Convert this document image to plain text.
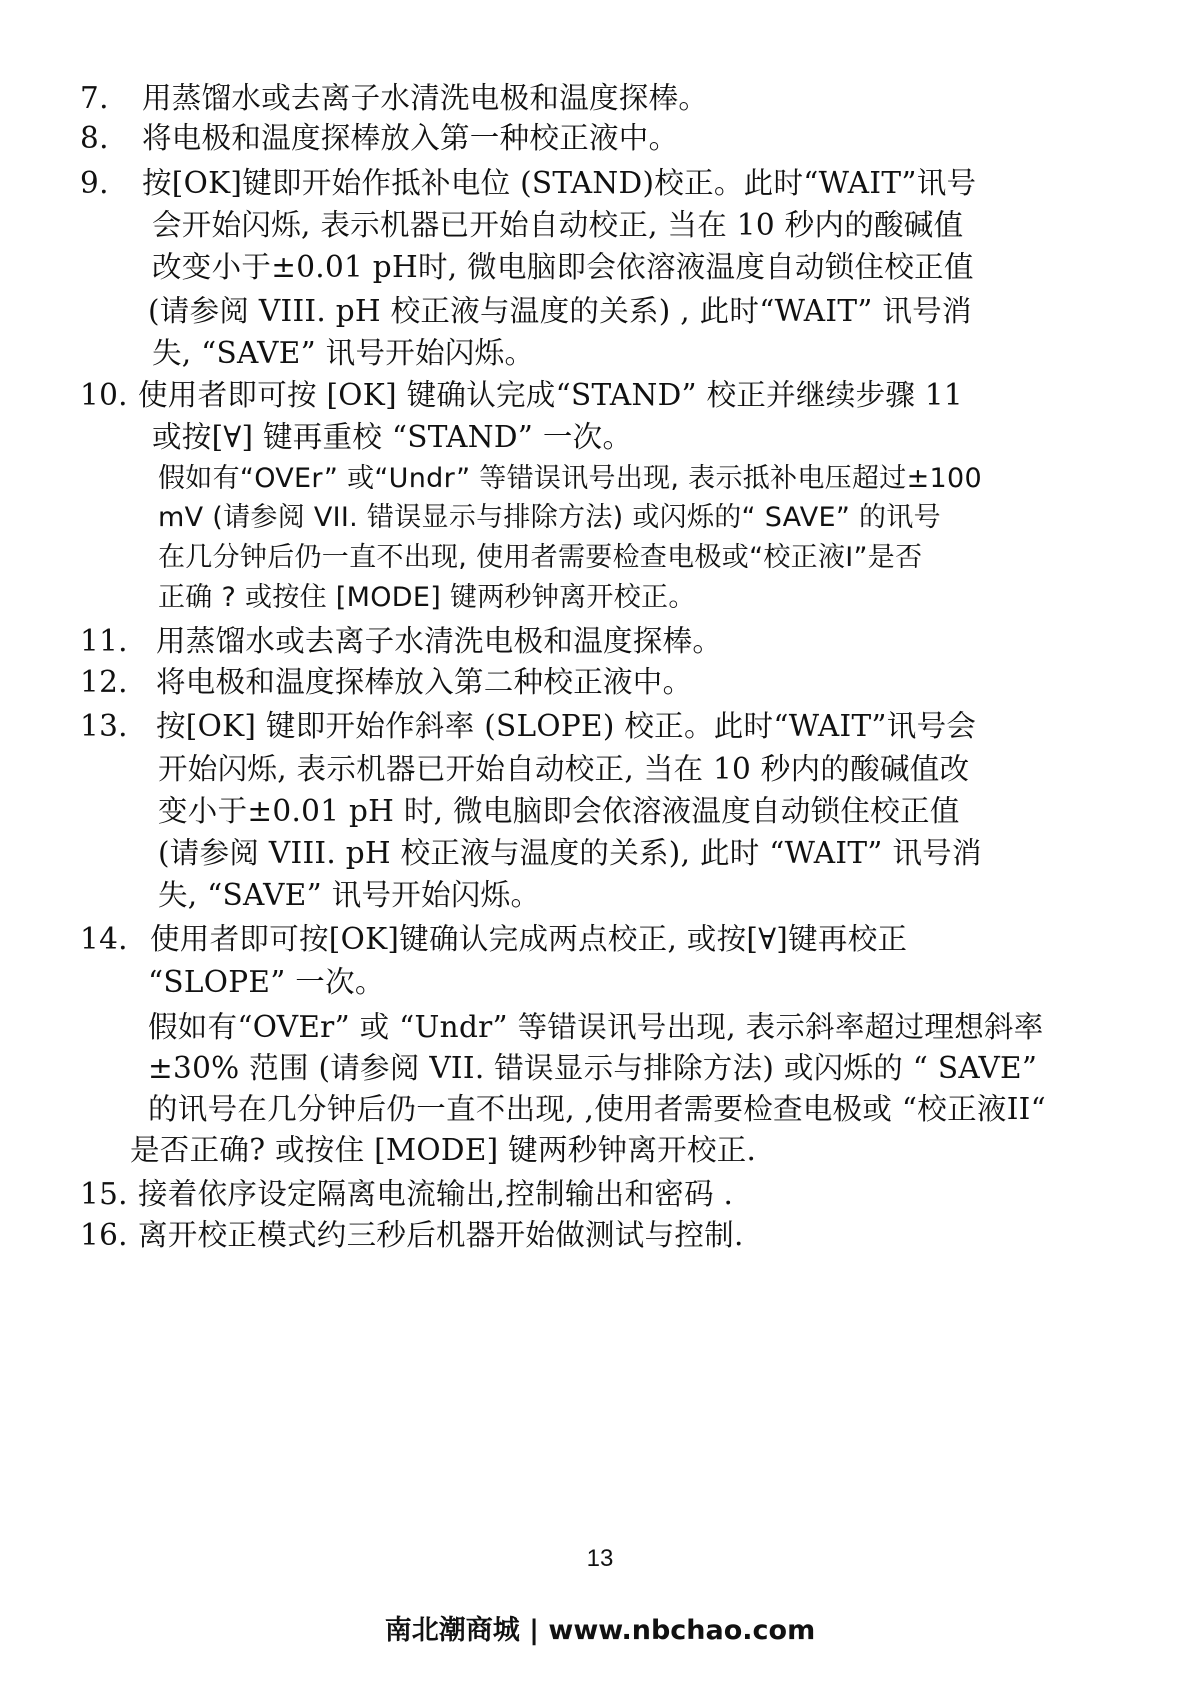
7. 用蒸馏水或去离子水清洗电极和温度探棒。
8. 将电极和温度探棒放入第一种校正液中。
9. 按[OK]键即开始作抵补电位 (STAND)校正。此时“WAIT”讯号
会开始闪烁, 表示机器已开始自动校正, 当在 10 秒内的酸碱值
改变小于±0.01 pH时, 微电脑即会依溶液温度自动锁住校正值
(请参阅 VIII. pH 校正液与温度的关系) , 此时“WAIT” 讯号消
失, “SAVE” 讯号开始闪烁。
10. 使用者即可按 [OK] 键确认完成“STAND” 校正并继续步骤 11
或按[∀] 键再重校 “STAND” 一次。
假如有“OVEr” 或“Undr” 等错误讯号出现, 表示抵补电压超过±100
mV (请参阅 VII. 错误显示与排除方法) 或闪烁的“ SAVE” 的讯号
在几分钟后仍一直不出现, 使用者需要检查电极或“校正液I”是否
正确 ? 或按住 [MODE] 键两秒钟离开校正。
11. 用蒸馏水或去离子水清洗电极和温度探棒。
12. 将电极和温度探棒放入第二种校正液中。
13. 按[OK] 键即开始作斜率 (SLOPE) 校正。此时“WAIT”讯号会
开始闪烁, 表示机器已开始自动校正, 当在 10 秒内的酸碱值改
变小于±0.01 pH 时, 微电脑即会依溶液温度自动锁住校正值
(请参阅 VIII. pH 校正液与温度的关系), 此时 “WAIT” 讯号消
失, “SAVE” 讯号开始闪烁。
14. 使用者即可按[OK]键确认完成两点校正, 或按[∀]键再校正
“SLOPE” 一次。
假如有“OVEr” 或 “Undr” 等错误讯号出现, 表示斜率超过理想斜率
±30% 范围 (请参阅 VII. 错误显示与排除方法) 或闪烁的 “ SAVE”
的讯号在几分钟后仍一直不出现, ,使用者需要检查电极或 “校正液II“
是否正确? 或按住 [MODE] 键两秒钟离开校正.
15. 接着依序设定隔离电流输出,控制输出和密码 .
16. 离开校正模式约三秒后机器开始做测试与控制.
13
南北潮商城 | www.nbchao.com
